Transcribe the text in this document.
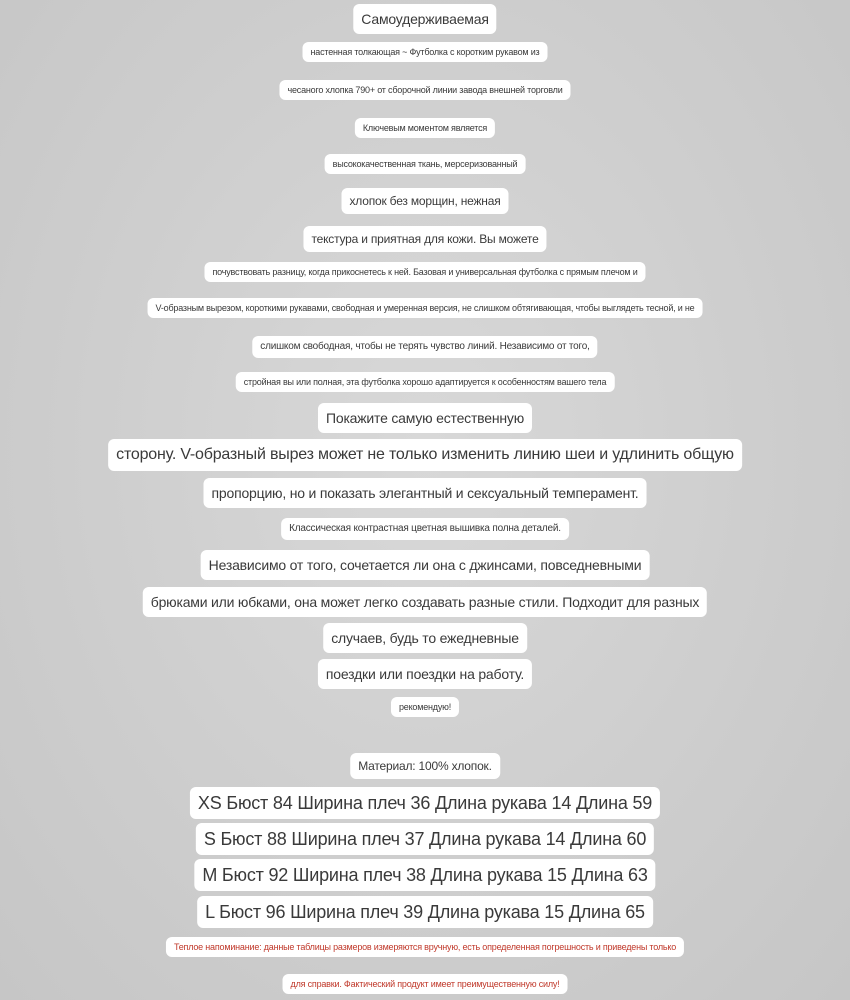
Самоудерживаемая
настенная толкающая ~ Футболка с коротким рукавом из
чесаного хлопка 790+ от сборочной линии завода внешней торговли
Ключевым моментом является
высококачественная ткань, мерсеризованный
хлопок без морщин, нежная
текстура и приятная для кожи. Вы можете
почувствовать разницу, когда прикоснетесь к ней. Базовая и универсальная футболка с прямым плечом и
V-образным вырезом, короткими рукавами, свободная и умеренная версия, не слишком обтягивающая, чтобы выглядеть тесной, и не
слишком свободная, чтобы не терять чувство линий. Независимо от того,
стройная вы или полная, эта футболка хорошо адаптируется к особенностям вашего тела
Покажите самую естественную
сторону. V-образный вырез может не только изменить линию шеи и удлинить общую
пропорцию, но и показать элегантный и сексуальный темперамент.
Классическая контрастная цветная вышивка полна деталей.
Независимо от того, сочетается ли она с джинсами, повседневными
брюками или юбками, она может легко создавать разные стили. Подходит для разных
случаев, будь то ежедневные
поездки или поездки на работу.
рекомендую!
Материал: 100% хлопок.
XS Бюст 84 Ширина плеч 36 Длина рукава 14 Длина 59
S Бюст 88 Ширина плеч 37 Длина рукава 14 Длина 60
M Бюст 92 Ширина плеч 38 Длина рукава 15 Длина 63
L Бюст 96 Ширина плеч 39 Длина рукава 15 Длина 65
Теплое напоминание: данные таблицы размеров измеряются вручную, есть определенная погрешность и приведены только
для справки. Фактический продукт имеет преимущественную силу!
